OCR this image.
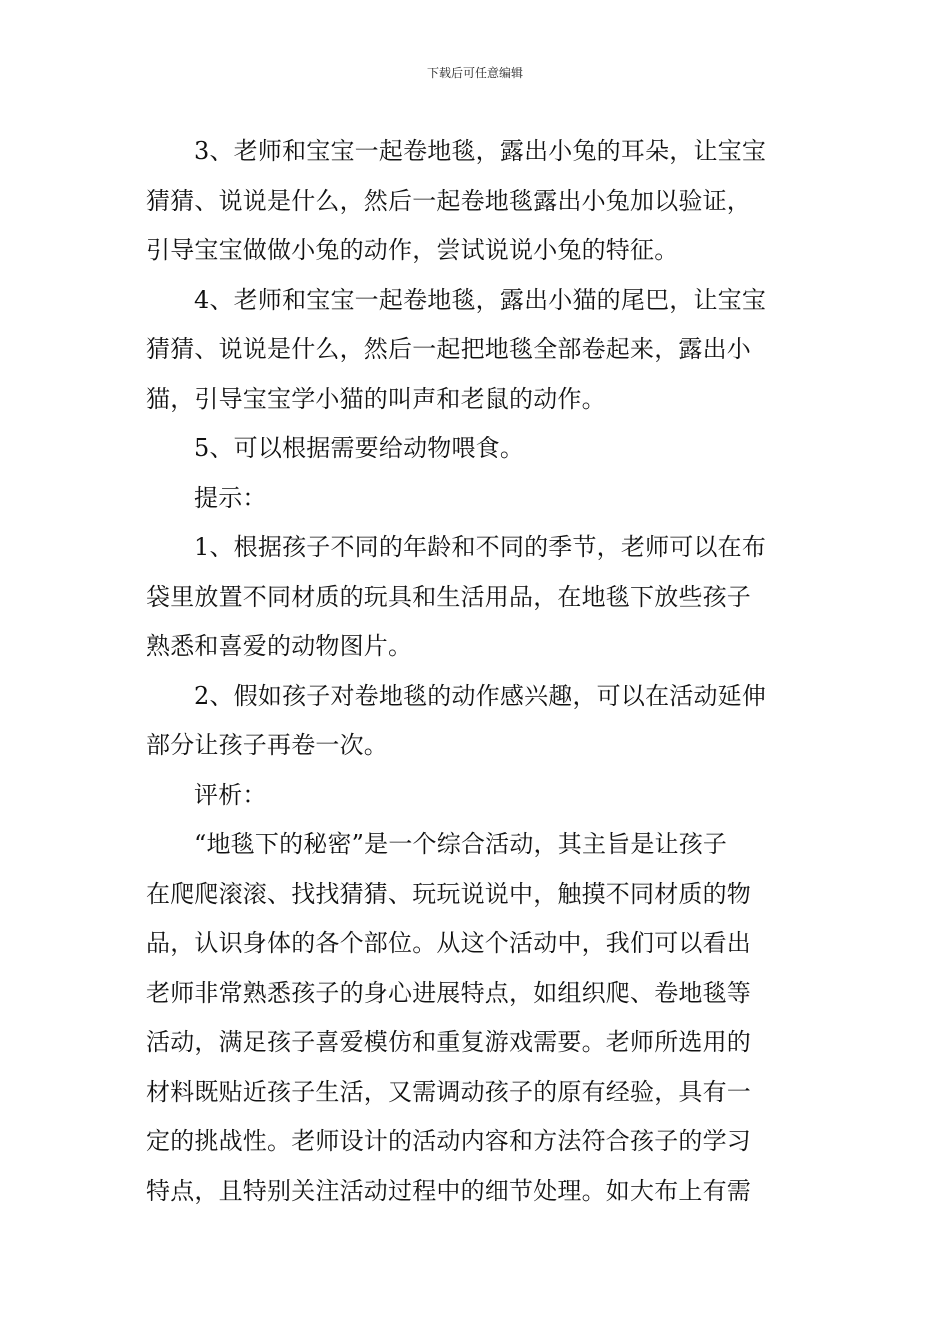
下载后可任意编辑

3、老师和宝宝一起卷地毯，露出小兔的耳朵，让宝宝
猜猜、说说是什么，然后一起卷地毯露出小兔加以验证，
引导宝宝做做小兔的动作，尝试说说小兔的特征。

4、老师和宝宝一起卷地毯，露出小猫的尾巴，让宝宝
猜猜、说说是什么，然后一起把地毯全部卷起来，露出小
猫，引导宝宝学小猫的叫声和老鼠的动作。

5、可以根据需要给动物喂食。

提示：

1、根据孩子不同的年龄和不同的季节，老师可以在布
袋里放置不同材质的玩具和生活用品，在地毯下放些孩子
熟悉和喜爱的动物图片。

2、假如孩子对卷地毯的动作感兴趣，可以在活动延伸
部分让孩子再卷一次。

评析：

“地毯下的秘密”是一个综合活动，其主旨是让孩子
在爬爬滚滚、找找猜猜、玩玩说说中，触摸不同材质的物
品，认识身体的各个部位。从这个活动中，我们可以看出
老师非常熟悉孩子的身心进展特点，如组织爬、卷地毯等
活动，满足孩子喜爱模仿和重复游戏需要。老师所选用的
材料既贴近孩子生活，又需调动孩子的原有经验，具有一
定的挑战性。老师设计的活动内容和方法符合孩子的学习
特点，且特别关注活动过程中的细节处理。如大布上有需
